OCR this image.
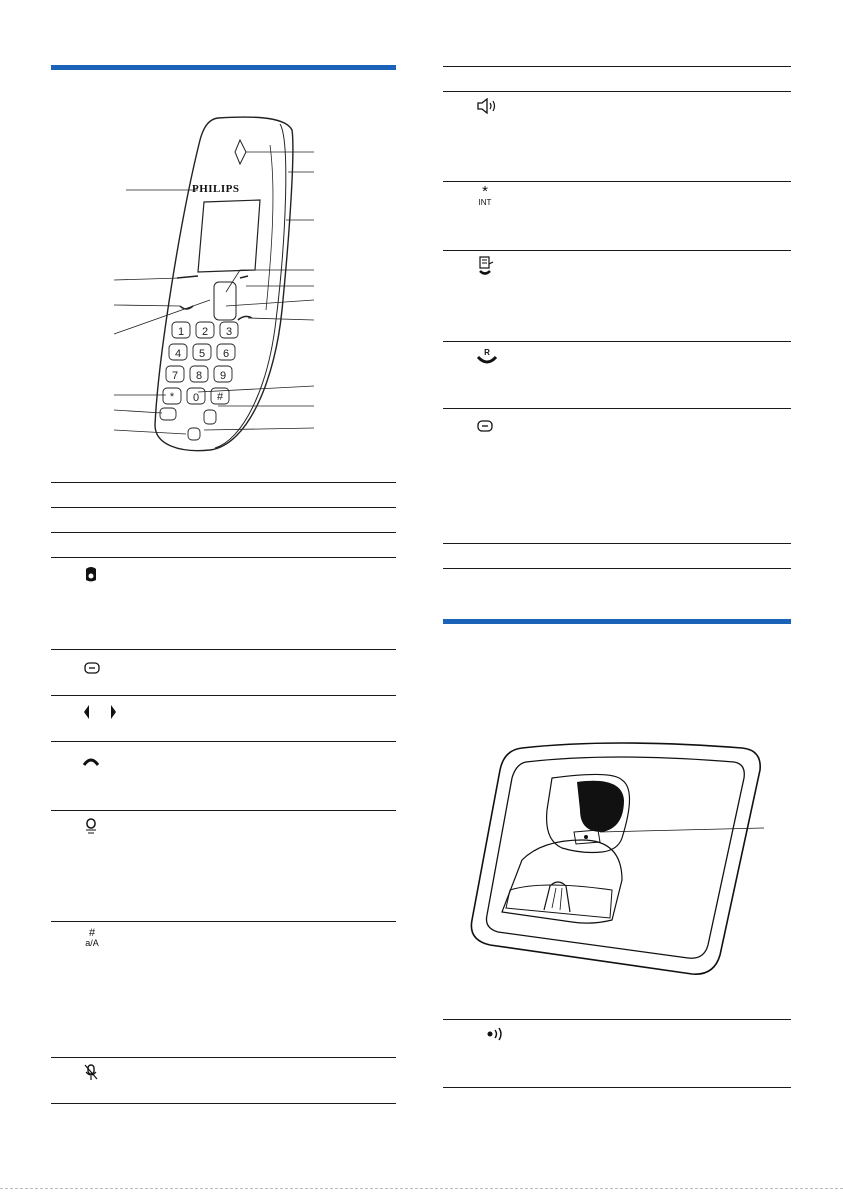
1 2 3
4 5 6
7 8 9
* 0 #
PHILIPS
#
a/A
*
INT
R
